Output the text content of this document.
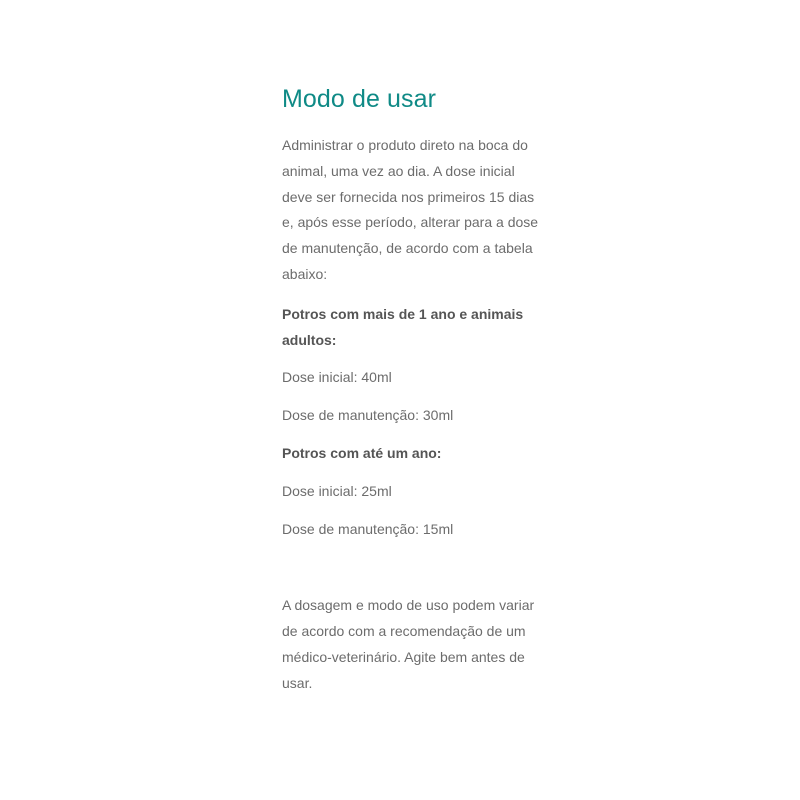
Modo de usar

Administrar o produto direto na boca do animal, uma vez ao dia. A dose inicial deve ser fornecida nos primeiros 15 dias e, após esse período, alterar para a dose de manutenção, de acordo com a tabela abaixo:

Potros com mais de 1 ano e animais adultos:

Dose inicial: 40ml

Dose de manutenção: 30ml

Potros com até um ano:

Dose inicial: 25ml

Dose de manutenção: 15ml

A dosagem e modo de uso podem variar de acordo com a recomendação de um médico-veterinário. Agite bem antes de usar.
